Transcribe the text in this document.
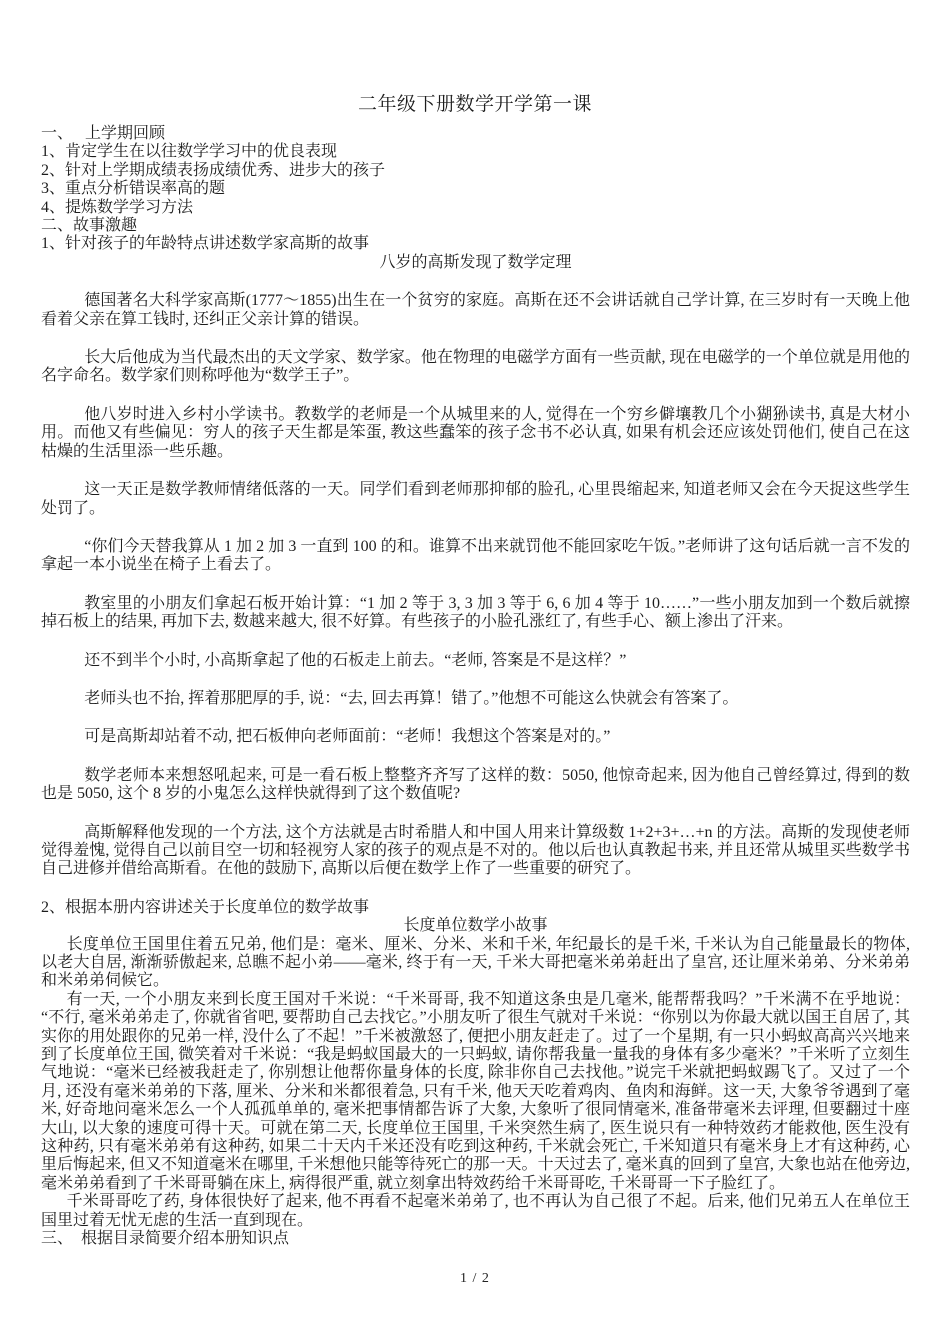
二年级下册数学开学第一课
一、　 上学期回顾
1、肯定学生在以往数学学习中的优良表现
2、针对上学期成绩表扬成绩优秀、进步大的孩子
3、重点分析错误率高的题
4、提炼数学学习方法
二、故事激趣
1、针对孩子的年龄特点讲述数学家高斯的故事
八岁的高斯发现了数学定理
德国著名大科学家高斯(1777～1855)出生在一个贫穷的家庭。高斯在还不会讲话就自己学计算, 在三岁时有一天晚上他看着父亲在算工钱时, 还纠正父亲计算的错误。
长大后他成为当代最杰出的天文学家、数学家。他在物理的电磁学方面有一些贡献, 现在电磁学的一个单位就是用他的名字命名。数学家们则称呼他为“数学王子”。
他八岁时进入乡村小学读书。教数学的老师是一个从城里来的人, 觉得在一个穷乡僻壤教几个小猢狲读书, 真是大材小用。而他又有些偏见：穷人的孩子天生都是笨蛋, 教这些蠢笨的孩子念书不必认真, 如果有机会还应该处罚他们, 使自己在这枯燥的生活里添一些乐趣。
这一天正是数学教师情绪低落的一天。同学们看到老师那抑郁的脸孔, 心里畏缩起来, 知道老师又会在今天捉这些学生处罚了。
“你们今天替我算从 1 加 2 加 3 一直到 100 的和。谁算不出来就罚他不能回家吃午饭。”老师讲了这句话后就一言不发的拿起一本小说坐在椅子上看去了。
教室里的小朋友们拿起石板开始计算：“1 加 2 等于 3, 3 加 3 等于 6, 6 加 4 等于 10……”一些小朋友加到一个数后就擦掉石板上的结果, 再加下去, 数越来越大, 很不好算。有些孩子的小脸孔涨红了, 有些手心、额上渗出了汗来。
还不到半个小时, 小高斯拿起了他的石板走上前去。“老师, 答案是不是这样？”
老师头也不抬, 挥着那肥厚的手, 说：“去, 回去再算！错了。”他想不可能这么快就会有答案了。
可是高斯却站着不动, 把石板伸向老师面前：“老师！我想这个答案是对的。”
数学老师本来想怒吼起来, 可是一看石板上整整齐齐写了这样的数：5050, 他惊奇起来, 因为他自己曾经算过, 得到的数也是 5050, 这个 8 岁的小鬼怎么这样快就得到了这个数值呢?
高斯解释他发现的一个方法, 这个方法就是古时希腊人和中国人用来计算级数 1+2+3+…+n 的方法。高斯的发现使老师觉得羞愧, 觉得自己以前目空一切和轻视穷人家的孩子的观点是不对的。他以后也认真教起书来, 并且还常从城里买些数学书自己进修并借给高斯看。在他的鼓励下, 高斯以后便在数学上作了一些重要的研究了。
2、根据本册内容讲述关于长度单位的数学故事
长度单位数学小故事
长度单位王国里住着五兄弟, 他们是：毫米、厘米、分米、米和千米, 年纪最长的是千米, 千米认为自己能量最长的物体, 以老大自居, 渐渐骄傲起来, 总瞧不起小弟——毫米, 终于有一天, 千米大哥把毫米弟弟赶出了皇宫, 还让厘米弟弟、分米弟弟和米弟弟伺候它。
有一天, 一个小朋友来到长度王国对千米说：“千米哥哥, 我不知道这条虫是几毫米, 能帮帮我吗？”千米满不在乎地说：“不行, 毫米弟弟走了, 你就省省吧, 要帮助自己去找它。”小朋友听了很生气就对千米说：“你别以为你最大就以国王自居了, 其实你的用处跟你的兄弟一样, 没什么了不起！”千米被激怒了, 便把小朋友赶走了。过了一个星期, 有一只小蚂蚁高高兴兴地来到了长度单位王国, 微笑着对千米说：“我是蚂蚁国最大的一只蚂蚁, 请你帮我量一量我的身体有多少毫米？”千米听了立刻生气地说：“毫米已经被我赶走了, 你别想让他帮你量身体的长度, 除非你自己去找他。”说完千米就把蚂蚁踢飞了。又过了一个月, 还没有毫米弟弟的下落, 厘米、分米和米都很着急, 只有千米, 他天天吃着鸡肉、鱼肉和海鲜。这一天, 大象爷爷遇到了毫米, 好奇地问毫米怎么一个人孤孤单单的, 毫米把事情都告诉了大象, 大象听了很同情毫米, 准备带毫米去评理, 但要翻过十座大山, 以大象的速度可得十天。可就在第二天, 长度单位王国里, 千米突然生病了, 医生说只有一种特效药才能救他, 医生没有这种药, 只有毫米弟弟有这种药, 如果二十天内千米还没有吃到这种药, 千米就会死亡, 千米知道只有毫米身上才有这种药, 心里后悔起来, 但又不知道毫米在哪里, 千米想他只能等待死亡的那一天。十天过去了, 毫米真的回到了皇宫, 大象也站在他旁边, 毫米弟弟看到了千米哥哥躺在床上, 病得很严重, 就立刻拿出特效药给千米哥哥吃, 千米哥哥一下子脸红了。
千米哥哥吃了药, 身体很快好了起来, 他不再看不起毫米弟弟了, 也不再认为自己很了不起。后来, 他们兄弟五人在单位王国里过着无忧无虑的生活一直到现在。
三、　根据目录简要介绍本册知识点
1 / 2
